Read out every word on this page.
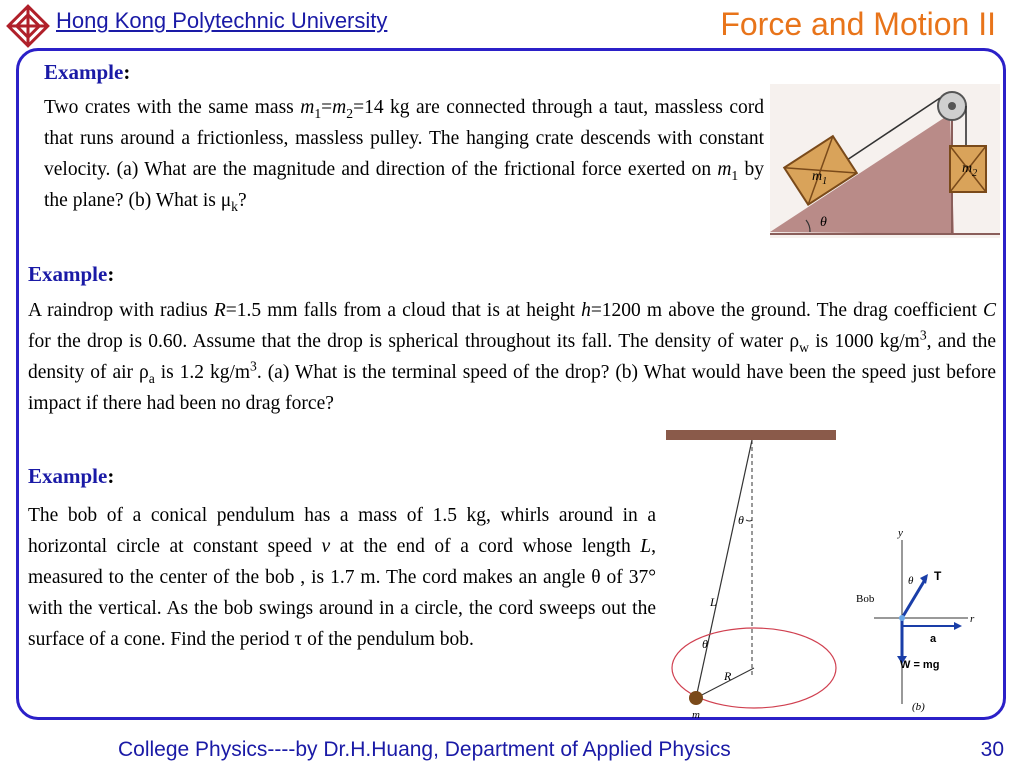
Hong Kong Polytechnic University	Force and Motion II
Example:
Two crates with the same mass $m_1=m_2=14$ kg are connected through a taut, massless cord that runs around a frictionless, massless pulley. The hanging crate descends with constant velocity. (a) What are the magnitude and direction of the frictional force exerted on $m_1$ by the plane? (b) What is $\mu_k$?
$m_1$
$m_2$
θ
Example:
A raindrop with radius R=1.5 mm falls from a cloud that is at height h=1200 m above the ground. The drag coefficient C for the drop is 0.60. Assume that the drop is spherical throughout its fall. The density of water $\rho_w$ is 1000 $kg/m^3$, and the density of air $\rho_a$ is 1.2 $kg/m^3$. (a) What is the terminal speed of the drop? (b) What would have been the speed just before impact if there had been no drag force?
Example:
The bob of a conical pendulum has a mass of 1.5 kg, whirls around in a horizontal circle at constant speed v at the end of a cord whose length L, measured to the center of the bob , is 1.7 m. The cord makes an angle θ of 37° with the vertical. As the bob swings around in a circle, the cord sweeps out the surface of a cone. Find the period τ of the pendulum bob.
θ
θ
L
R
m
y
r
Bob
T
θ
a
W = mg
(b)
College Physics----by Dr.H.Huang, Department of Applied Physics	30
